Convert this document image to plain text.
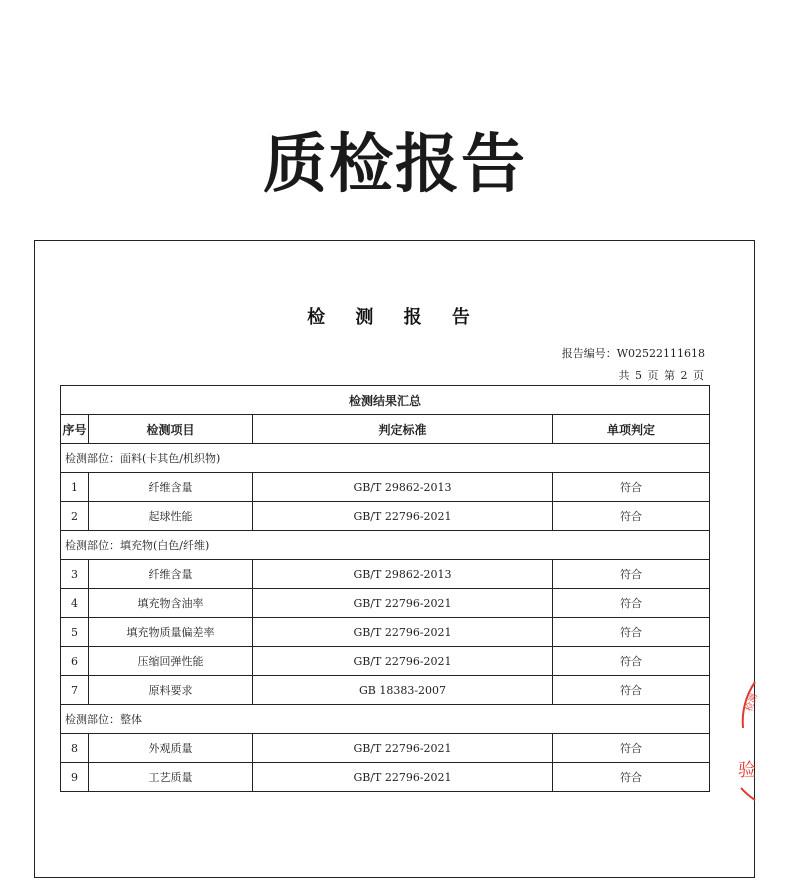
质检报告
检 测 报 告
报告编号：W02522111618
共 5 页 第 2 页
检测结果汇总			
序号	检测项目	判定标准	单项判定
检测部位：面料(卡其色/机织物)			
1	纤维含量	GB/T 29862-2013	符合
2	起球性能	GB/T 22796-2021	符合
检测部位：填充物(白色/纤维)			
3	纤维含量	GB/T 29862-2013	符合
4	填充物含油率	GB/T 22796-2021	符合
5	填充物质量偏差率	GB/T 22796-2021	符合
6	压缩回弹性能	GB/T 22796-2021	符合
7	原料要求	GB 18383-2007	符合
检测部位：整体			
8	外观质量	GB/T 22796-2021	符合
9	工艺质量	GB/T 22796-2021	符合
检测
验
